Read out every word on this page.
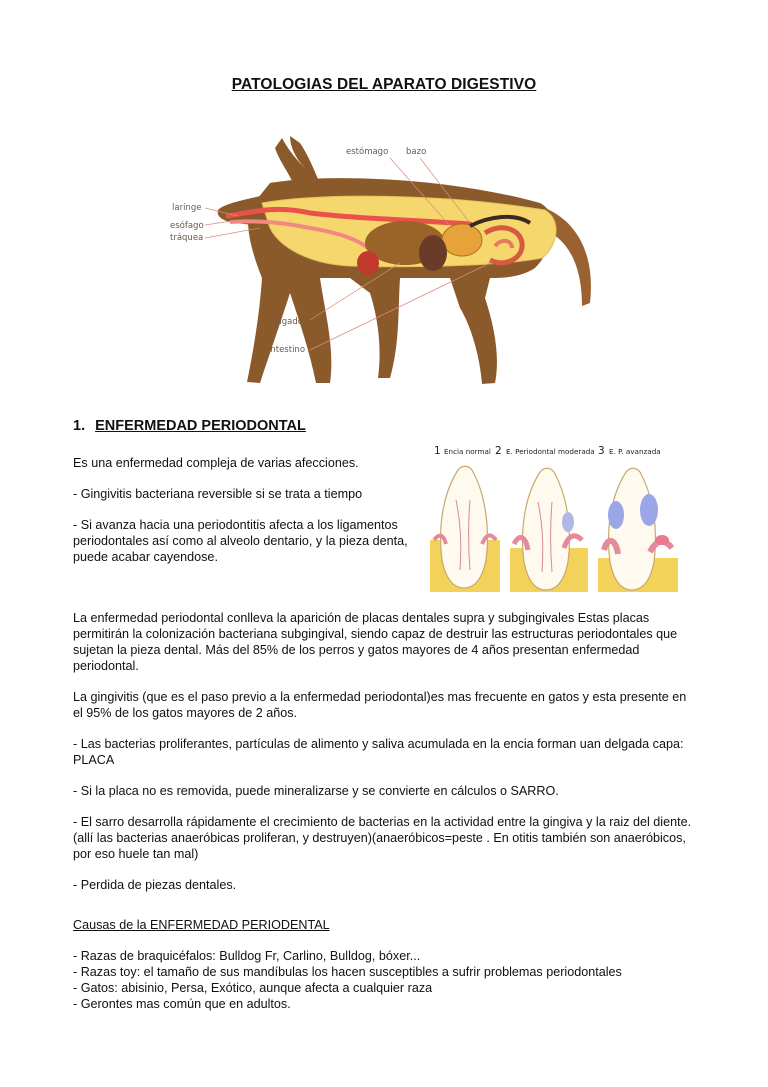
PATOLOGIAS DEL APARATO DIGESTIVO
estómago bazo
laringe
esófago
tráquea
hígado
intestino
1. ENFERMEDAD PERIODONTAL

Es una enfermedad compleja de varias afecciones.

- Gingivitis bacteriana reversible si se trata a tiempo

- Si avanza hacia una periodontitis afecta a los ligamentos periodontales así como al alveolo dentario, y la pieza denta, puede acabar cayendose.

1 Encia normal 2 E. Periodontal moderada 3 E. P. avanzada

La enfermedad periodontal conlleva la aparición de placas dentales supra y subgingivales Estas placas permitirán la colonización bacteriana subgingival, siendo capaz de destruir las estructuras periodontales que sujetan la pieza dental. Más del 85% de los perros y gatos mayores de 4 años presentan enfermedad periodontal.

La gingivitis (que es el paso previo a la enfermedad periodontal)es mas frecuente en gatos y esta presente en el 95% de los gatos mayores de 2 años.

- Las bacterias proliferantes, partículas de alimento y saliva acumulada en la encia forman uan delgada capa: PLACA

- Si la placa no es removida, puede mineralizarse y se convierte en cálculos o SARRO.

- El sarro desarrolla rápidamente el crecimiento de bacterias en la actividad entre la gingiva y la raiz del diente. (allí las bacterias anaeróbicas proliferan, y destruyen)(anaeróbicos=peste . En otitis también son anaeróbicos, por eso huele tan mal)

- Perdida de piezas dentales.

Causas de la ENFERMEDAD PERIODENTAL

- Razas de braquicéfalos: Bulldog Fr, Carlino, Bulldog, bóxer...
- Razas toy: el tamaño de sus mandíbulas los hacen susceptibles a sufrir problemas periodontales
- Gatos: abisinio, Persa, Exótico, aunque afecta a cualquier raza
- Gerontes mas común que en adultos.
